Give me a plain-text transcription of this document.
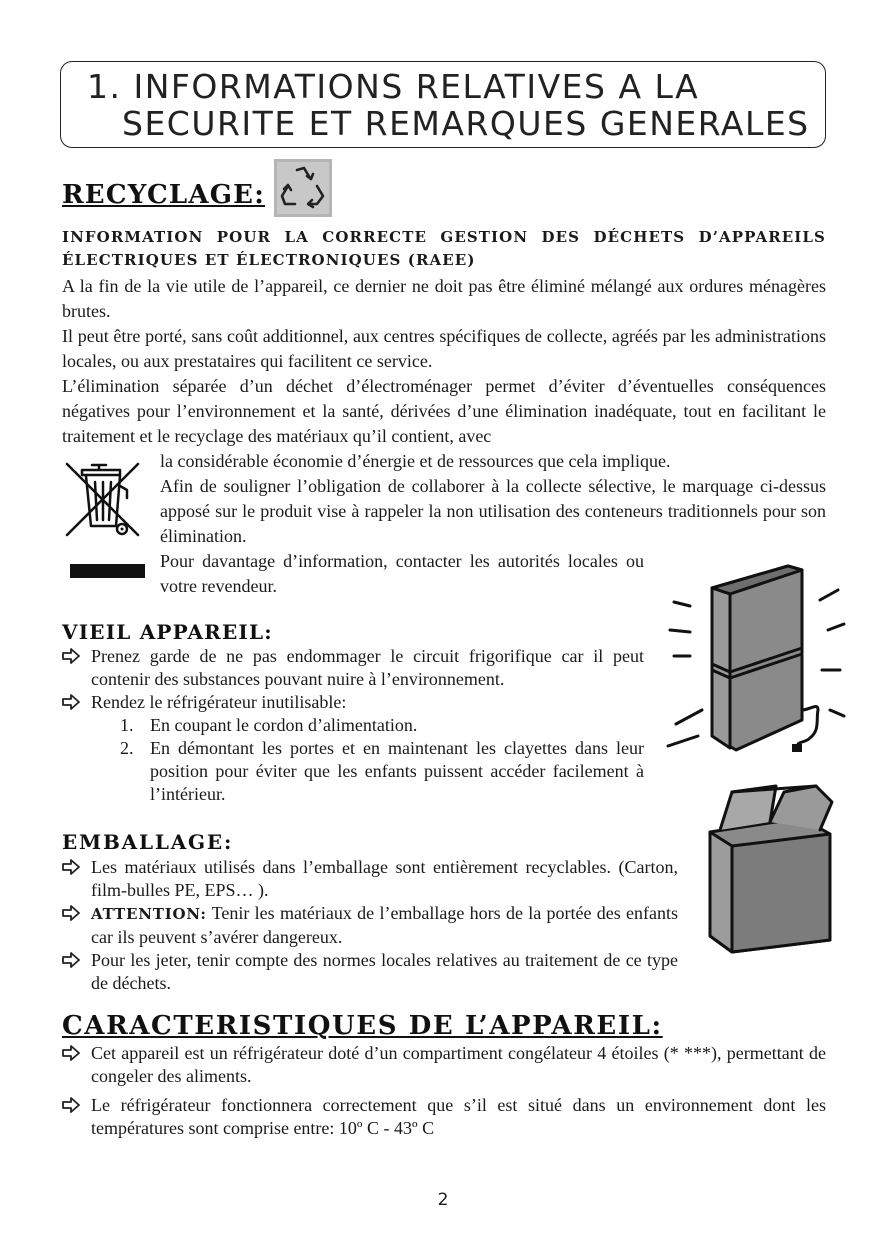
1. INFORMATIONS RELATIVES A LA
SECURITE ET REMARQUES GENERALES
RECYCLAGE:
INFORMATION POUR LA CORRECTE GESTION DES DÉCHETS D’APPAREILS
ÉLECTRIQUES ET ÉLECTRONIQUES (RAEE)

A la fin de la vie utile de l’appareil, ce dernier ne doit pas être éliminé mélangé aux ordures ménagères brutes.

Il peut être porté, sans coût additionnel, aux centres spécifiques de collecte, agréés par les administrations locales, ou aux prestataires qui facilitent ce service.

L’élimination séparée d’un déchet d’électroménager permet d’éviter d’éventuelles conséquences négatives pour l’environnement et la santé, dérivées d’une élimination inadéquate, tout en facilitant le traitement et le recyclage des matériaux qu’il contient, avec

la considérable économie d’énergie et de ressources que cela implique.

Afin de souligner l’obligation de collaborer à la collecte sélective, le marquage ci-dessus apposé sur le produit vise à rappeler la non utilisation des conteneurs traditionnels pour son élimination.

Pour davantage d’information, contacter les autorités locales ou votre revendeur.

VIEIL APPAREIL:
Prenez garde de ne pas endommager le circuit frigorifique car il peut contenir des substances pouvant nuire à l’environnement.
Rendez le réfrigérateur inutilisable:
1. En coupant le cordon d’alimentation.
2. En démontant les portes et en maintenant les clayettes dans leur position pour éviter que les enfants puissent accéder facilement à l’intérieur.
EMBALLAGE:
Les matériaux utilisés dans l’emballage sont entièrement recyclables. (Carton, film-bulles PE, EPS… ).
ATTENTION: Tenir les matériaux de l’emballage hors de la portée des enfants car ils peuvent s’avérer dangereux.
Pour les jeter, tenir compte des normes locales relatives au traitement de ce type de déchets.
CARACTERISTIQUES DE L’APPAREIL:
Cet appareil est un réfrigérateur doté d’un compartiment congélateur 4 étoiles (* ***), permettant de congeler des aliments.
Le réfrigérateur fonctionnera correctement que s’il est situé dans un environnement dont les températures sont comprise entre: 10º C - 43º C
2
